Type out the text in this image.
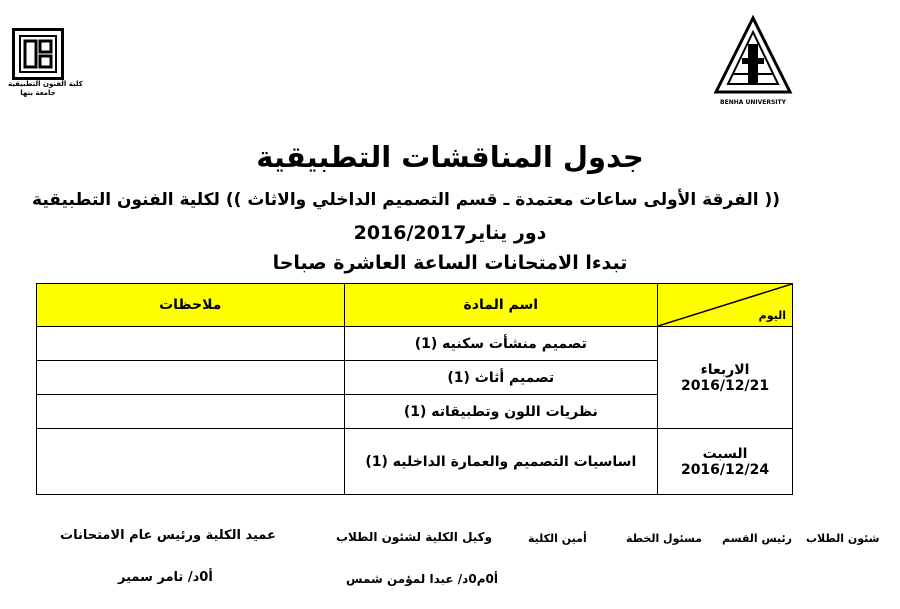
كلية الفنون التطبيقية
جامعة بنها
BENHA UNIVERSITY
جدول المناقشات التطبيقية
(( الفرقة الأولى ساعات معتمدة ـ قسم التصميم الداخلي والاثاث )) لكلية الفنون التطبيقية
دور يناير2016/2017
تبدءا الامتحانات الساعة العاشرة صباحا
ملاحظات	اسم المادة	اليوم

	تصميم منشأت سكنيه (1)	الاربعاء
2016/12/21

	تصميم أثاث (1)	
	نظريات اللون وتطبيقاته (1)	
	اساسيات التصميم والعمارة الداخليه (1)	السبت
2016/12/24
شئون الطلاب
رئيس القسم
مسئول الخطة
أمين الكلية
وكيل الكلية لشئون الطلاب
عميد الكلية ورئيس عام الامتحانات
أ0م0د/ عبدا لمؤمن شمس
أ0د/ تامر سمير
